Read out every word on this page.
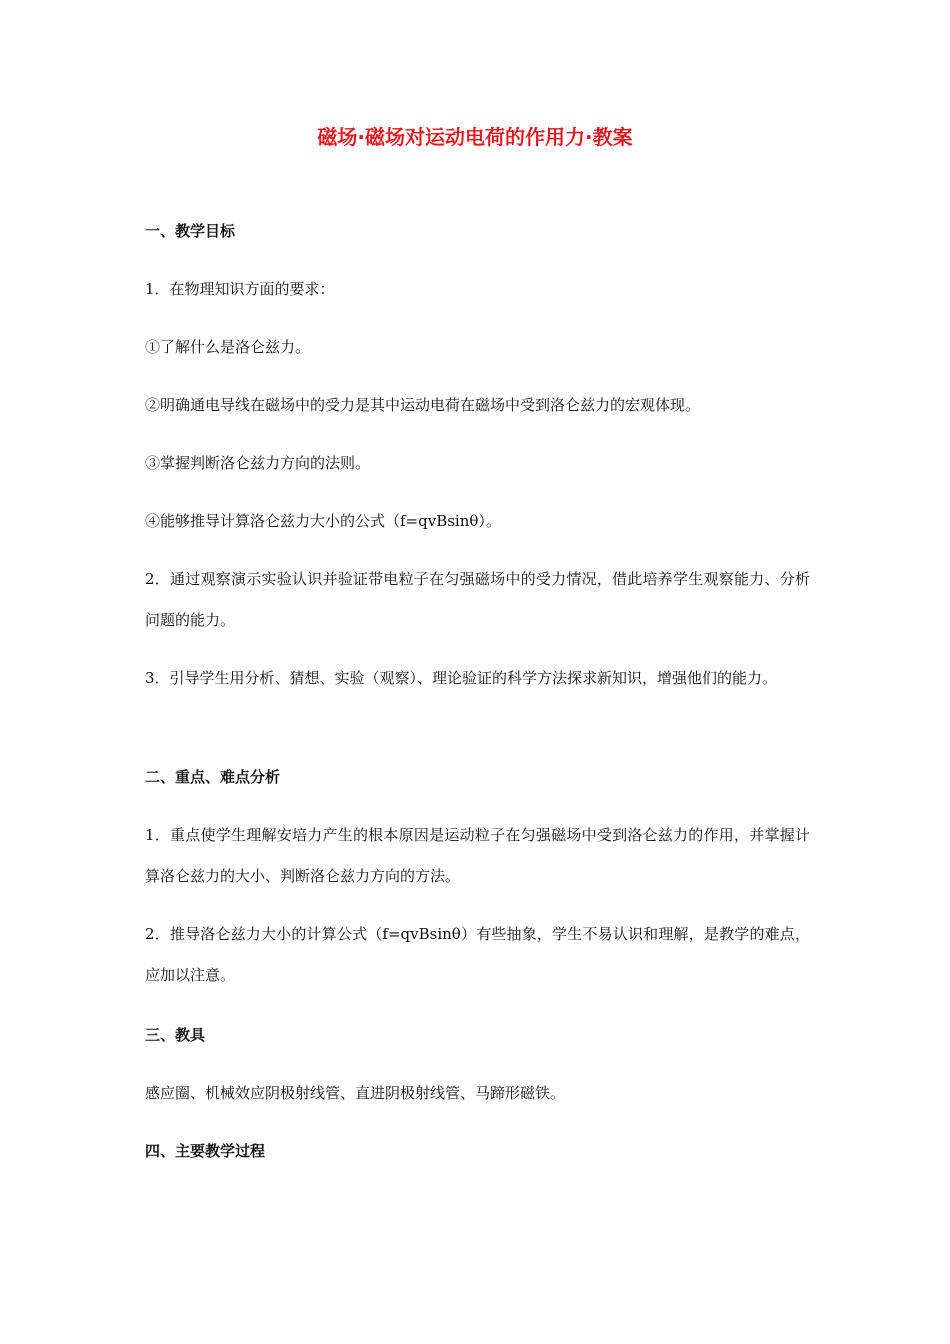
磁场·磁场对运动电荷的作用力·教案
一、教学目标
1．在物理知识方面的要求：
①了解什么是洛仑兹力。
②明确通电导线在磁场中的受力是其中运动电荷在磁场中受到洛仑兹力的宏观体现。
③掌握判断洛仑兹力方向的法则。
④能够推导计算洛仑兹力大小的公式（f=qvBsinθ）。
2．通过观察演示实验认识并验证带电粒子在匀强磁场中的受力情况，借此培养学生观察能力、分析问题的能力。
3．引导学生用分析、猜想、实验（观察）、理论验证的科学方法探求新知识，增强他们的能力。
二、重点、难点分析
1．重点使学生理解安培力产生的根本原因是运动粒子在匀强磁场中受到洛仑兹力的作用，并掌握计算洛仑兹力的大小、判断洛仑兹力方向的方法。
2．推导洛仑兹力大小的计算公式（f=qvBsinθ）有些抽象，学生不易认识和理解，是教学的难点，应加以注意。
三、教具
感应圈、机械效应阴极射线管、直进阴极射线管、马蹄形磁铁。
四、主要教学过程
